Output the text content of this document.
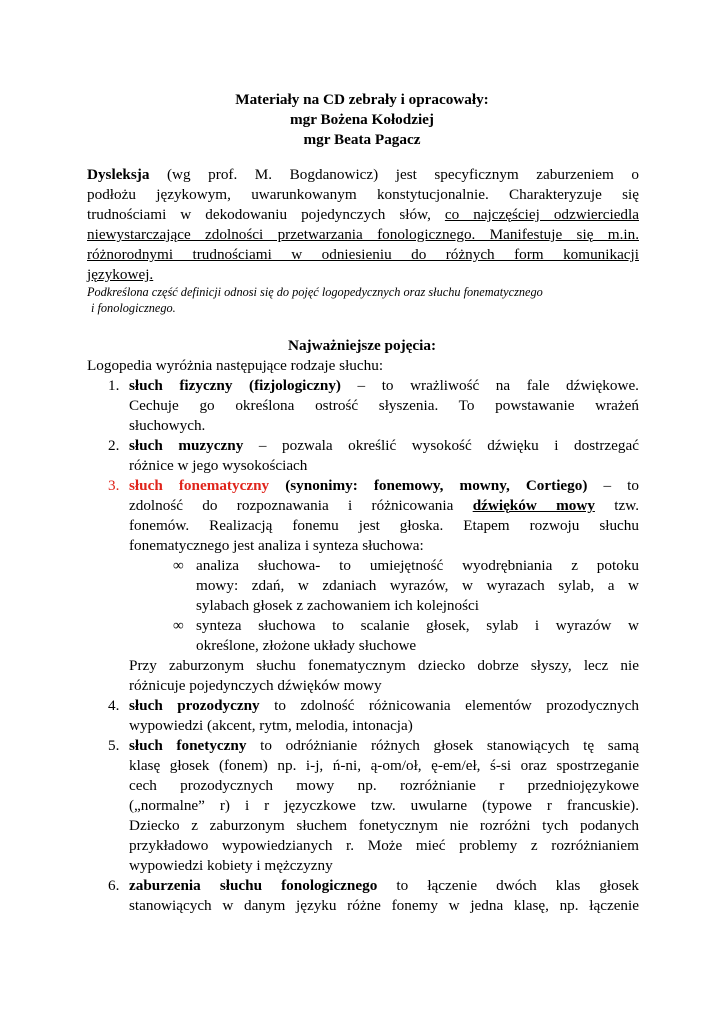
Materiały na CD zebrały i opracowały:
mgr Bożena Kołodziej
mgr Beata Pagacz
Dysleksja (wg prof. M. Bogdanowicz) jest specyficznym zaburzeniem o
podłożu językowym, uwarunkowanym konstytucjonalnie. Charakteryzuje się
trudnościami w dekodowaniu pojedynczych słów, co najczęściej odzwierciedla
niewystarczające zdolności przetwarzania fonologicznego. Manifestuje się m.in.
różnorodnymi trudnościami w odniesieniu do różnych form komunikacji
językowej.
Podkreślona część definicji odnosi się do pojęć logopedycznych oraz słuchu fonematycznego
i fonologicznego.
Najważniejsze pojęcia:
Logopedia wyróżnia następujące rodzaje słuchu:
1. słuch fizyczny (fizjologiczny) – to wrażliwość na fale dźwiękowe.
Cechuje go określona ostrość słyszenia. To powstawanie wrażeń
słuchowych.
2. słuch muzyczny – pozwala określić wysokość dźwięku i dostrzegać
różnice w jego wysokościach
3. słuch fonematyczny (synonimy: fonemowy, mowny, Cortiego) – to
zdolność do rozpoznawania i różnicowania dźwięków mowy tzw.
fonemów. Realizacją fonemu jest głoska. Etapem rozwoju słuchu
fonematycznego jest analiza i synteza słuchowa:
∞ analiza słuchowa- to umiejętność wyodrębniania z potoku
mowy: zdań, w zdaniach wyrazów, w wyrazach sylab, a w
sylabach głosek z zachowaniem ich kolejności
∞ synteza słuchowa to scalanie głosek, sylab i wyrazów w
określone, złożone układy słuchowe
Przy zaburzonym słuchu fonematycznym dziecko dobrze słyszy, lecz nie
różnicuje pojedynczych dźwięków mowy
4. słuch prozodyczny to zdolność różnicowania elementów prozodycznych
wypowiedzi (akcent, rytm, melodia, intonacja)
5. słuch fonetyczny to odróżnianie różnych głosek stanowiących tę samą
klasę głosek (fonem) np. i-j, ń-ni, ą-om/oł, ę-em/eł, ś-si oraz spostrzeganie
cech prozodycznych mowy np. rozróżnianie r przedniojęzykowe
(„normalne” r) i r języczkowe tzw. uwularne (typowe r francuskie).
Dziecko z zaburzonym słuchem fonetycznym nie rozróżni tych podanych
przykładowo wypowiedzianych r. Może mieć problemy z rozróżnianiem
wypowiedzi kobiety i mężczyzny
6. zaburzenia słuchu fonologicznego to łączenie dwóch klas głosek
stanowiących w danym języku różne fonemy w jedna klasę, np. łączenie
